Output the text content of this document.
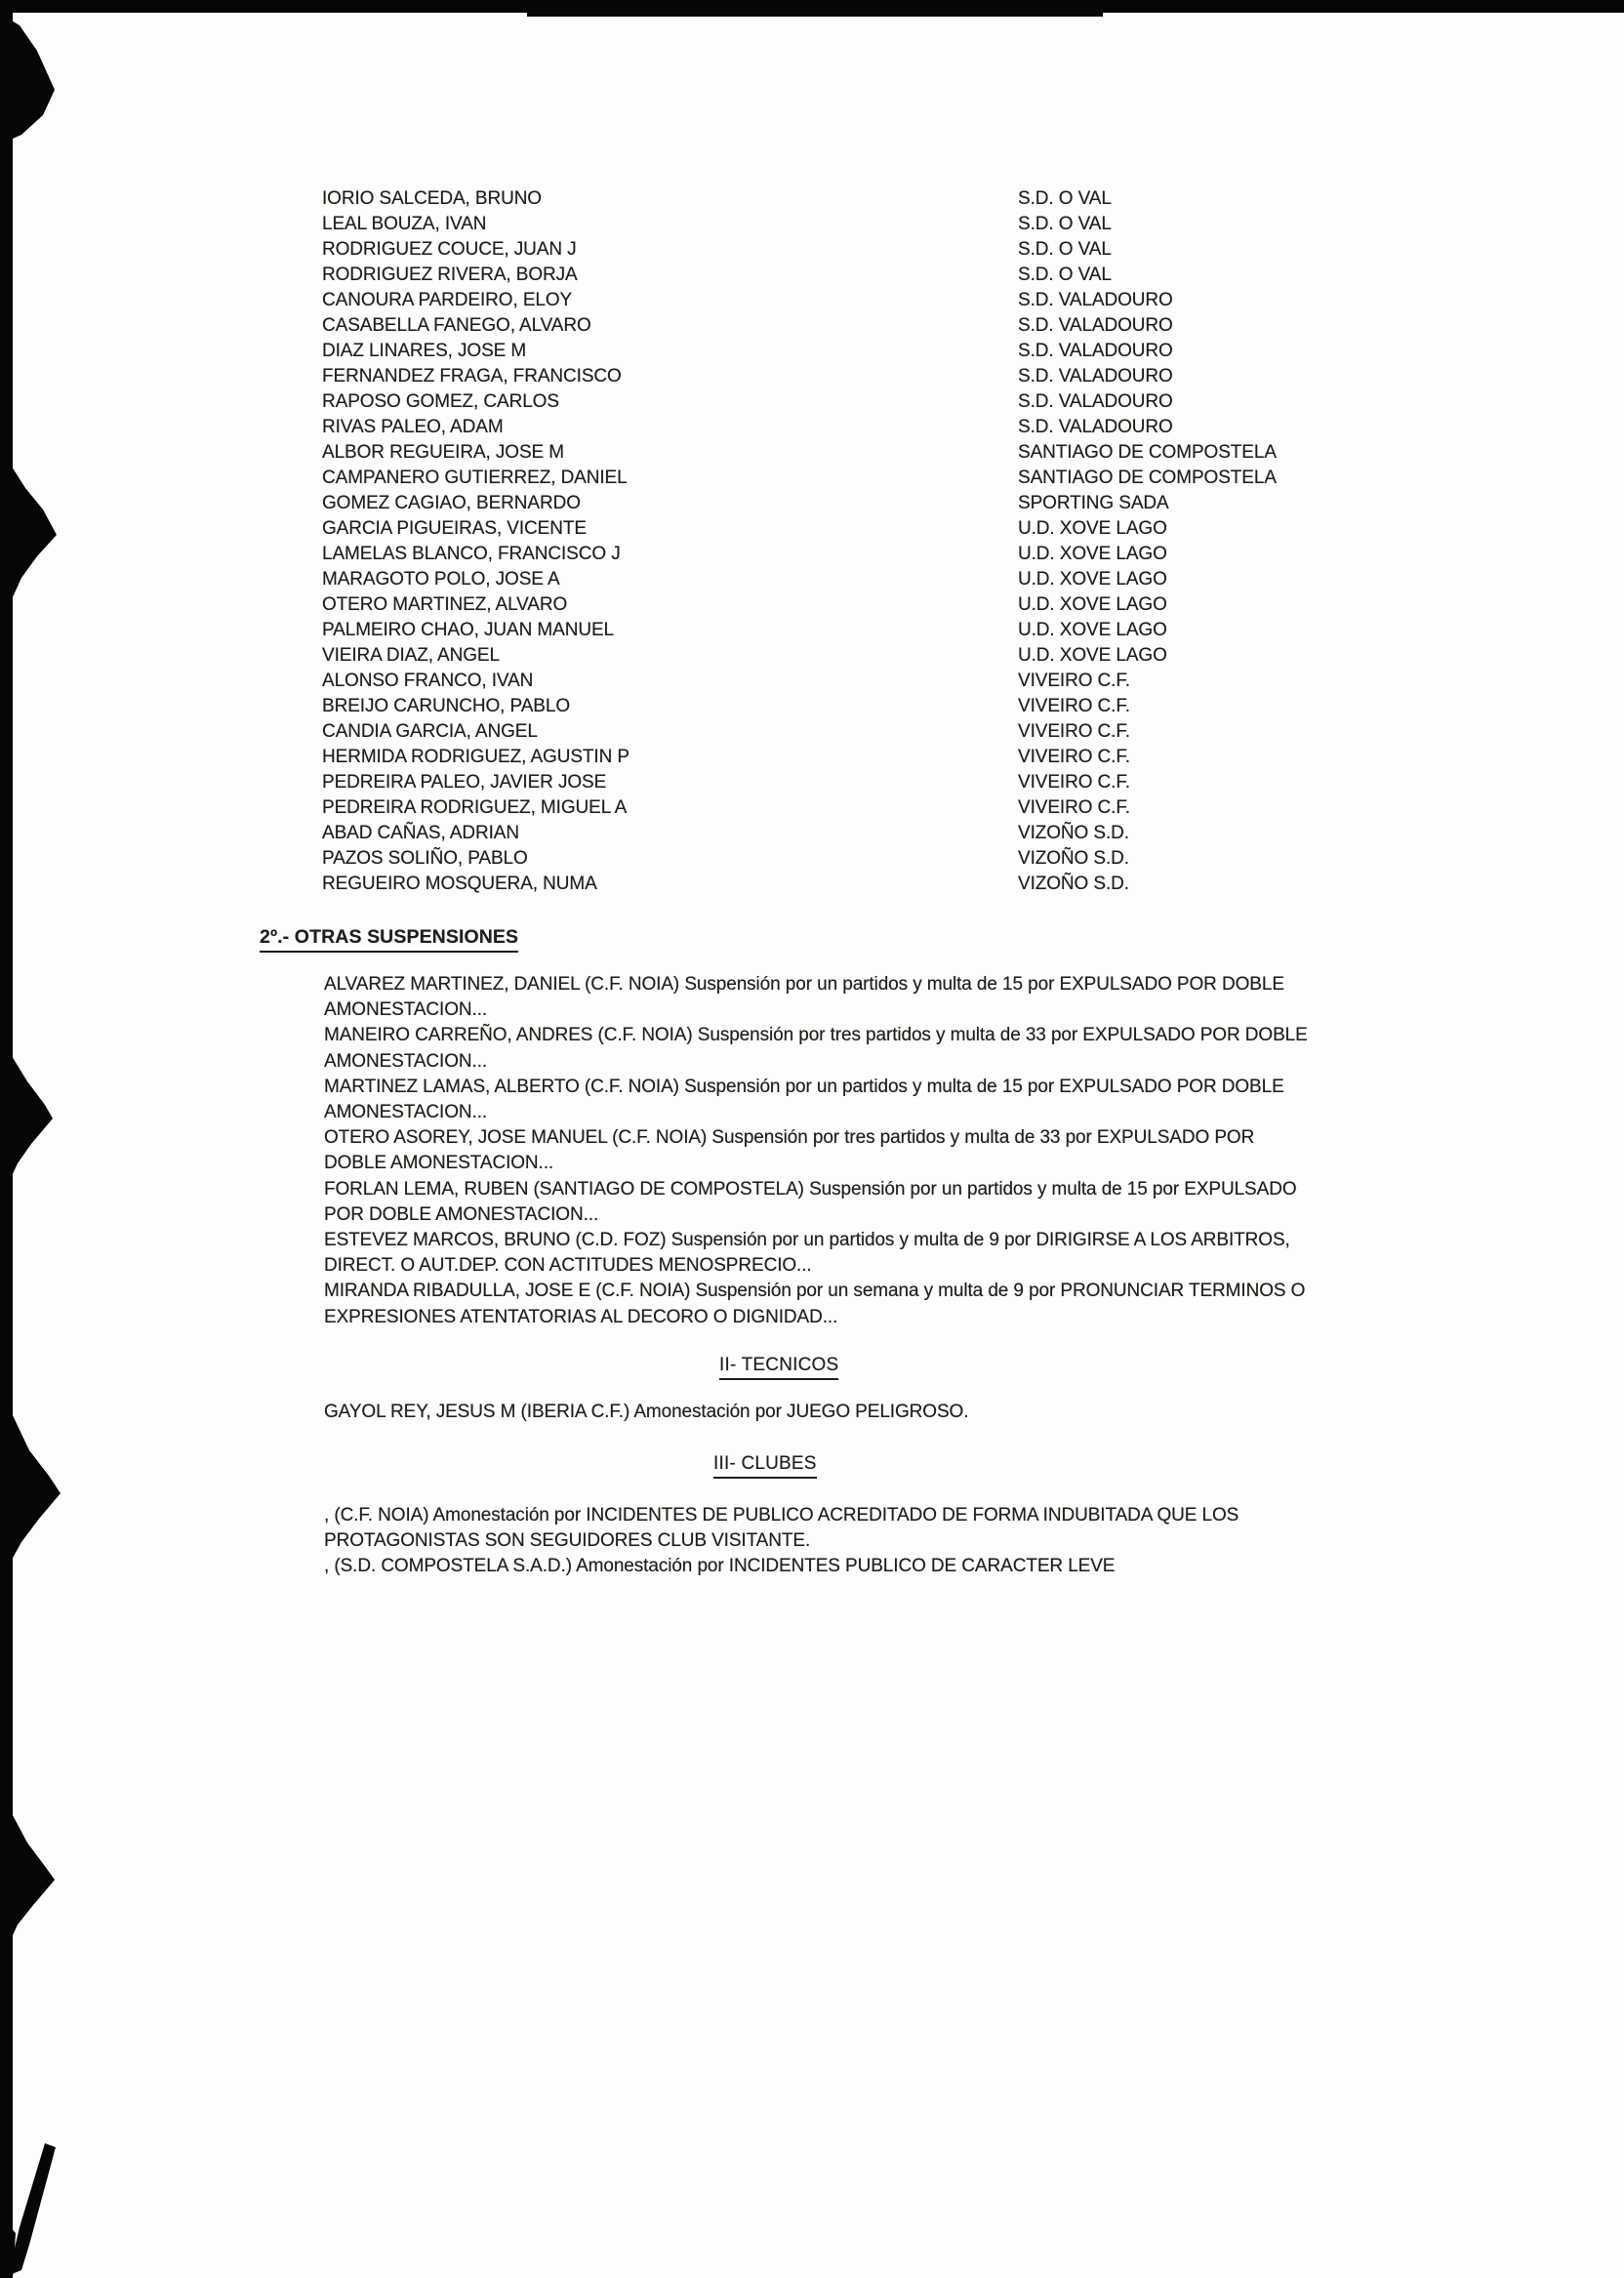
IORIO SALCEDA, BRUNO	S.D. O VAL
LEAL BOUZA, IVAN	S.D. O VAL
RODRIGUEZ COUCE, JUAN J	S.D. O VAL
RODRIGUEZ RIVERA, BORJA	S.D. O VAL
CANOURA PARDEIRO, ELOY	S.D. VALADOURO
CASABELLA FANEGO, ALVARO	S.D. VALADOURO
DIAZ LINARES, JOSE M	S.D. VALADOURO
FERNANDEZ FRAGA, FRANCISCO	S.D. VALADOURO
RAPOSO GOMEZ, CARLOS	S.D. VALADOURO
RIVAS PALEO, ADAM	S.D. VALADOURO
ALBOR REGUEIRA, JOSE M	SANTIAGO DE COMPOSTELA
CAMPANERO GUTIERREZ, DANIEL	SANTIAGO DE COMPOSTELA
GOMEZ CAGIAO, BERNARDO	SPORTING SADA
GARCIA PIGUEIRAS, VICENTE	U.D. XOVE LAGO
LAMELAS BLANCO, FRANCISCO J	U.D. XOVE LAGO
MARAGOTO POLO, JOSE A	U.D. XOVE LAGO
OTERO MARTINEZ, ALVARO	U.D. XOVE LAGO
PALMEIRO CHAO, JUAN MANUEL	U.D. XOVE LAGO
VIEIRA DIAZ, ANGEL	U.D. XOVE LAGO
ALONSO FRANCO, IVAN	VIVEIRO C.F.
BREIJO CARUNCHO, PABLO	VIVEIRO C.F.
CANDIA GARCIA, ANGEL	VIVEIRO C.F.
HERMIDA RODRIGUEZ, AGUSTIN P	VIVEIRO C.F.
PEDREIRA PALEO, JAVIER JOSE	VIVEIRO C.F.
PEDREIRA RODRIGUEZ, MIGUEL A	VIVEIRO C.F.
ABAD CAÑAS, ADRIAN	VIZOÑO S.D.
PAZOS SOLIÑO, PABLO	VIZOÑO S.D.
REGUEIRO MOSQUERA, NUMA	VIZOÑO S.D.
2º.- OTRAS SUSPENSIONES
ALVAREZ MARTINEZ, DANIEL (C.F. NOIA) Suspensión por un partidos y multa de 15 por EXPULSADO POR DOBLE
AMONESTACION...
MANEIRO CARREÑO, ANDRES (C.F. NOIA) Suspensión por tres partidos y multa de 33 por EXPULSADO POR DOBLE
AMONESTACION...
MARTINEZ LAMAS, ALBERTO (C.F. NOIA) Suspensión por un partidos y multa de 15 por EXPULSADO POR DOBLE
AMONESTACION...
OTERO ASOREY, JOSE MANUEL (C.F. NOIA) Suspensión por tres partidos y multa de 33 por EXPULSADO POR
DOBLE AMONESTACION...
FORLAN LEMA, RUBEN (SANTIAGO DE COMPOSTELA) Suspensión por un partidos y multa de 15 por EXPULSADO
POR DOBLE AMONESTACION...
ESTEVEZ MARCOS, BRUNO (C.D. FOZ) Suspensión por un partidos y multa de 9 por DIRIGIRSE A LOS ARBITROS,
DIRECT. O AUT.DEP. CON ACTITUDES MENOSPRECIO...
MIRANDA RIBADULLA, JOSE E (C.F. NOIA) Suspensión por un semana y multa de 9 por PRONUNCIAR TERMINOS O
EXPRESIONES ATENTATORIAS AL DECORO O DIGNIDAD...
II- TECNICOS
GAYOL REY, JESUS M (IBERIA C.F.) Amonestación por JUEGO PELIGROSO.
III- CLUBES
, (C.F. NOIA) Amonestación por INCIDENTES DE PUBLICO ACREDITADO DE FORMA INDUBITADA QUE LOS
PROTAGONISTAS SON SEGUIDORES CLUB VISITANTE.
, (S.D. COMPOSTELA S.A.D.) Amonestación por INCIDENTES PUBLICO DE CARACTER LEVE
